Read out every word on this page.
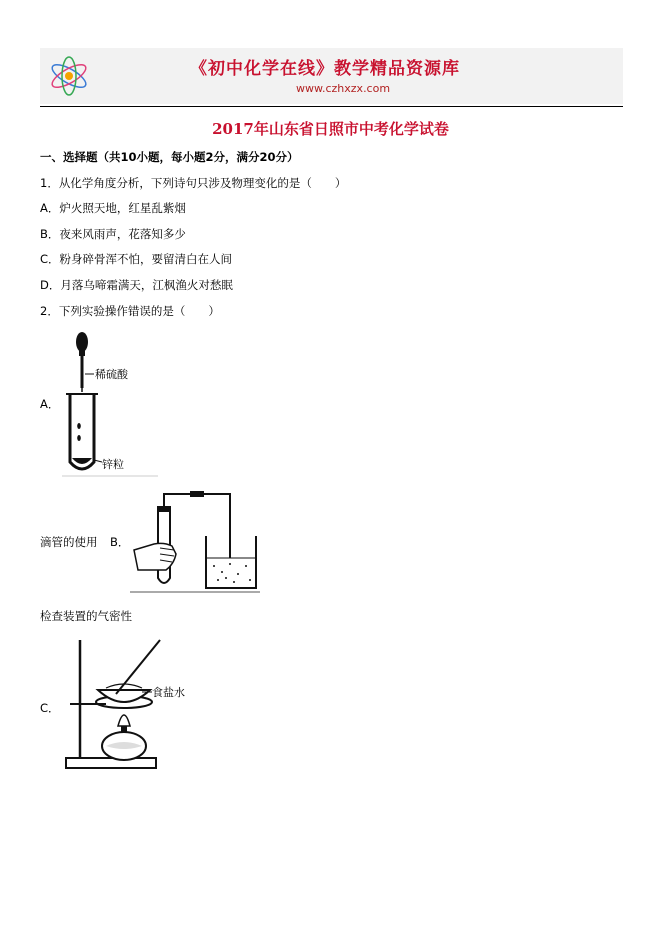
《初中化学在线》教学精品资源库
www.czhxzx.com
2017年山东省日照市中考化学试卷
一、选择题（共10小题，每小题2分，满分20分）
1．从化学角度分析，下列诗句只涉及物理变化的是（　　）
A．炉火照天地，红星乱紫烟
B．夜来风雨声，花落知多少
C．粉身碎骨浑不怕，要留清白在人间
D．月落乌啼霜满天，江枫渔火对愁眠
2．下列实验操作错误的是（　　）
A．
稀硫酸
锌粒
滴管的使用 B．
检查装置的气密性
C．
食盐水
